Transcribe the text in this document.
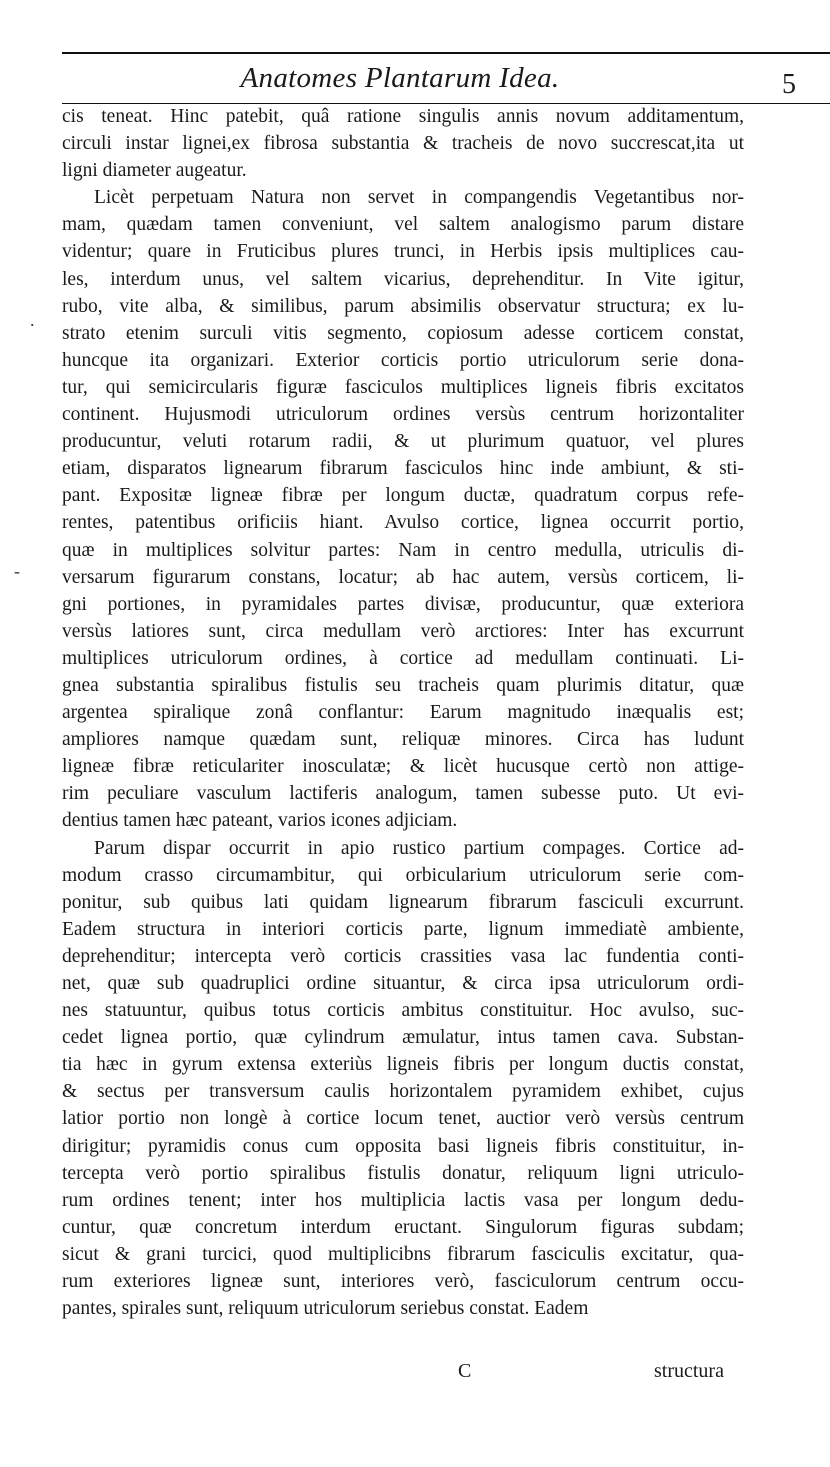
Anatomes Plantarum Idea.	5
cis teneat. Hinc patebit, quâ ratione singulis annis novum additamentum,
circuli instar lignei,ex fibrosa substantia & tracheis de novo succrescat,ita ut
ligni diameter augeatur.
Licèt perpetuam Natura non servet in compangendis Vegetantibus nor-
mam, quædam tamen conveniunt, vel saltem analogismo parum distare
videntur; quare in Fruticibus plures trunci, in Herbis ipsis multiplices cau-
les, interdum unus, vel saltem vicarius, deprehenditur. In Vite igitur,
rubo, vite alba, & similibus, parum absimilis observatur structura; ex lu-
strato etenim surculi vitis segmento, copiosum adesse corticem constat,
huncque ita organizari. Exterior corticis portio utriculorum serie dona-
tur, qui semicircularis figuræ fasciculos multiplices ligneis fibris excitatos
continent. Hujusmodi utriculorum ordines versùs centrum horizontaliter
producuntur, veluti rotarum radii, & ut plurimum quatuor, vel plures
etiam, disparatos lignearum fibrarum fasciculos hinc inde ambiunt, & sti-
pant. Expositæ ligneæ fibræ per longum ductæ, quadratum corpus refe-
rentes, patentibus orificiis hiant. Avulso cortice, lignea occurrit portio,
quæ in multiplices solvitur partes: Nam in centro medulla, utriculis di-
versarum figurarum constans, locatur; ab hac autem, versùs corticem, li-
gni portiones, in pyramidales partes divisæ, producuntur, quæ exteriora
versùs latiores sunt, circa medullam verò arctiores: Inter has excurrunt
multiplices utriculorum ordines, à cortice ad medullam continuati. Li-
gnea substantia spiralibus fistulis seu tracheis quam plurimis ditatur, quæ
argentea spiralique zonâ conflantur: Earum magnitudo inæqualis est;
ampliores namque quædam sunt, reliquæ minores. Circa has ludunt
ligneæ fibræ reticulariter inosculatæ; & licèt hucusque certò non attige-
rim peculiare vasculum lactiferis analogum, tamen subesse puto. Ut evi-
dentius tamen hæc pateant, varios icones adjiciam.
Parum dispar occurrit in apio rustico partium compages. Cortice ad-
modum crasso circumambitur, qui orbicularium utriculorum serie com-
ponitur, sub quibus lati quidam lignearum fibrarum fasciculi excurrunt.
Eadem structura in interiori corticis parte, lignum immediatè ambiente,
deprehenditur; intercepta verò corticis crassities vasa lac fundentia conti-
net, quæ sub quadruplici ordine situantur, & circa ipsa utriculorum ordi-
nes statuuntur, quibus totus corticis ambitus constituitur. Hoc avulso, suc-
cedet lignea portio, quæ cylindrum æmulatur, intus tamen cava. Substan-
tia hæc in gyrum extensa exteriùs ligneis fibris per longum ductis constat,
& sectus per transversum caulis horizontalem pyramidem exhibet, cujus
latior portio non longè à cortice locum tenet, auctior verò versùs centrum
dirigitur; pyramidis conus cum opposita basi ligneis fibris constituitur, in-
tercepta verò portio spiralibus fistulis donatur, reliquum ligni utriculo-
rum ordines tenent; inter hos multiplicia lactis vasa per longum dedu-
cuntur, quæ concretum interdum eructant. Singulorum figuras subdam;
sicut & grani turcici, quod multiplicibns fibrarum fasciculis excitatur, qua-
rum exteriores ligneæ sunt, interiores verò, fasciculorum centrum occu-
pantes, spirales sunt, reliquum utriculorum seriebus constat. Eadem
.
-
C	structura
